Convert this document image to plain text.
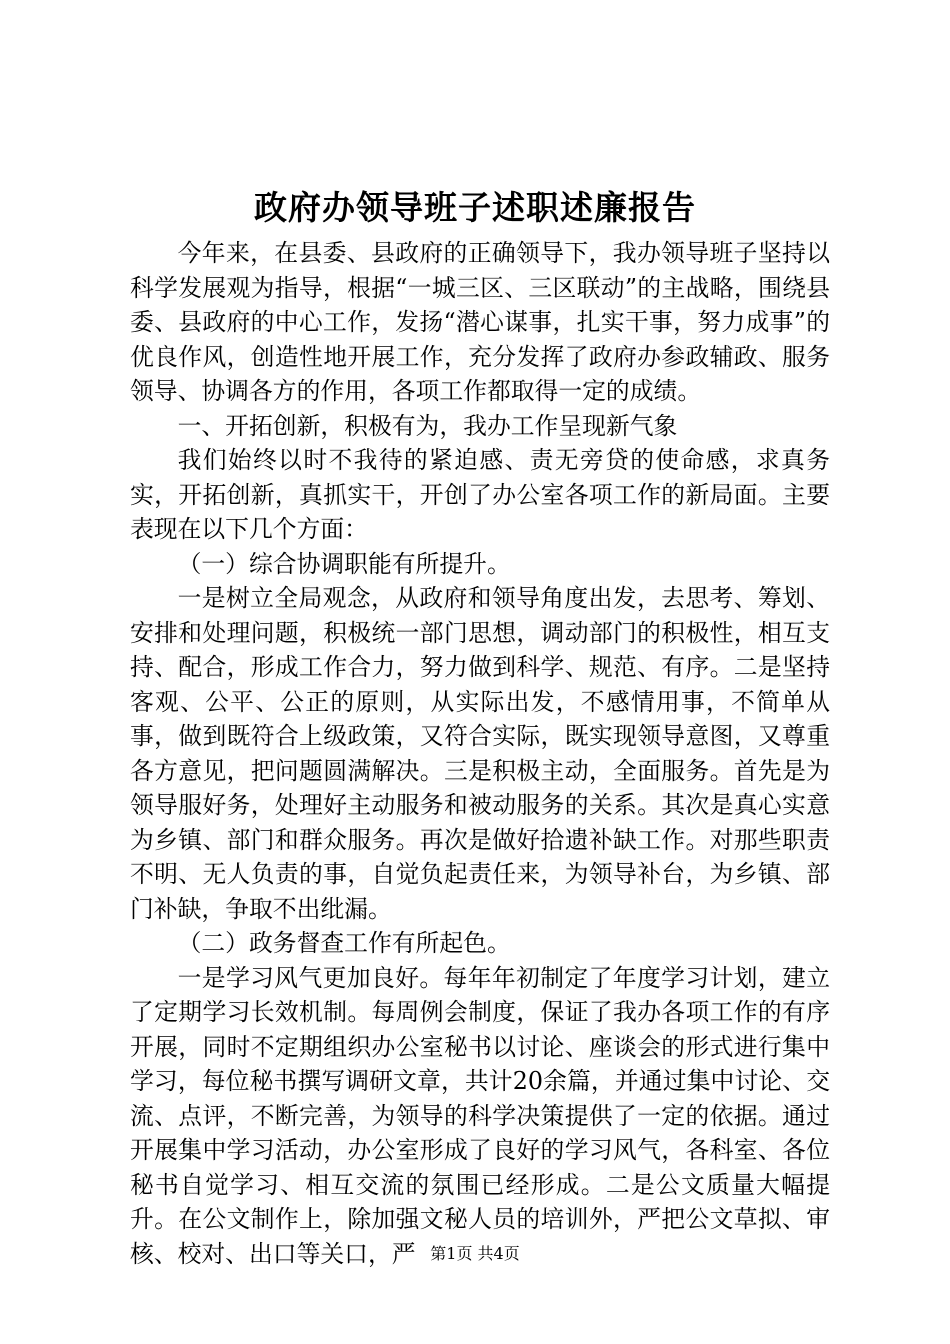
政府办领导班子述职述廉报告

今年来，在县委、县政府的正确领导下，我办领导班子坚持以科学发展观为指导，根据“一城三区、三区联动”的主战略，围绕县委、县政府的中心工作，发扬“潜心谋事，扎实干事，努力成事”的优良作风，创造性地开展工作，充分发挥了政府办参政辅政、服务领导、协调各方的作用，各项工作都取得一定的成绩。

一、开拓创新，积极有为，我办工作呈现新气象

我们始终以时不我待的紧迫感、责无旁贷的使命感，求真务实，开拓创新，真抓实干，开创了办公室各项工作的新局面。主要表现在以下几个方面：

（一）综合协调职能有所提升。

一是树立全局观念，从政府和领导角度出发，去思考、筹划、安排和处理问题，积极统一部门思想，调动部门的积极性，相互支持、配合，形成工作合力，努力做到科学、规范、有序。二是坚持客观、公平、公正的原则，从实际出发，不感情用事，不简单从事，做到既符合上级政策，又符合实际，既实现领导意图，又尊重各方意见，把问题圆满解决。三是积极主动，全面服务。首先是为领导服好务，处理好主动服务和被动服务的关系。其次是真心实意为乡镇、部门和群众服务。再次是做好拾遗补缺工作。对那些职责不明、无人负责的事，自觉负起责任来，为领导补台，为乡镇、部门补缺，争取不出纰漏。

（二）政务督查工作有所起色。

一是学习风气更加良好。每年年初制定了年度学习计划，建立了定期学习长效机制。每周例会制度，保证了我办各项工作的有序开展，同时不定期组织办公室秘书以讨论、座谈会的形式进行集中学习，每位秘书撰写调研文章，共计20余篇，并通过集中讨论、交流、点评，不断完善，为领导的科学决策提供了一定的依据。通过开展集中学习活动，办公室形成了良好的学习风气，各科室、各位秘书自觉学习、相互交流的氛围已经形成。二是公文质量大幅提升。在公文制作上，除加强文秘人员的培训外，严把公文草拟、审核、校对、出口等关口，严 第1页 共4页
